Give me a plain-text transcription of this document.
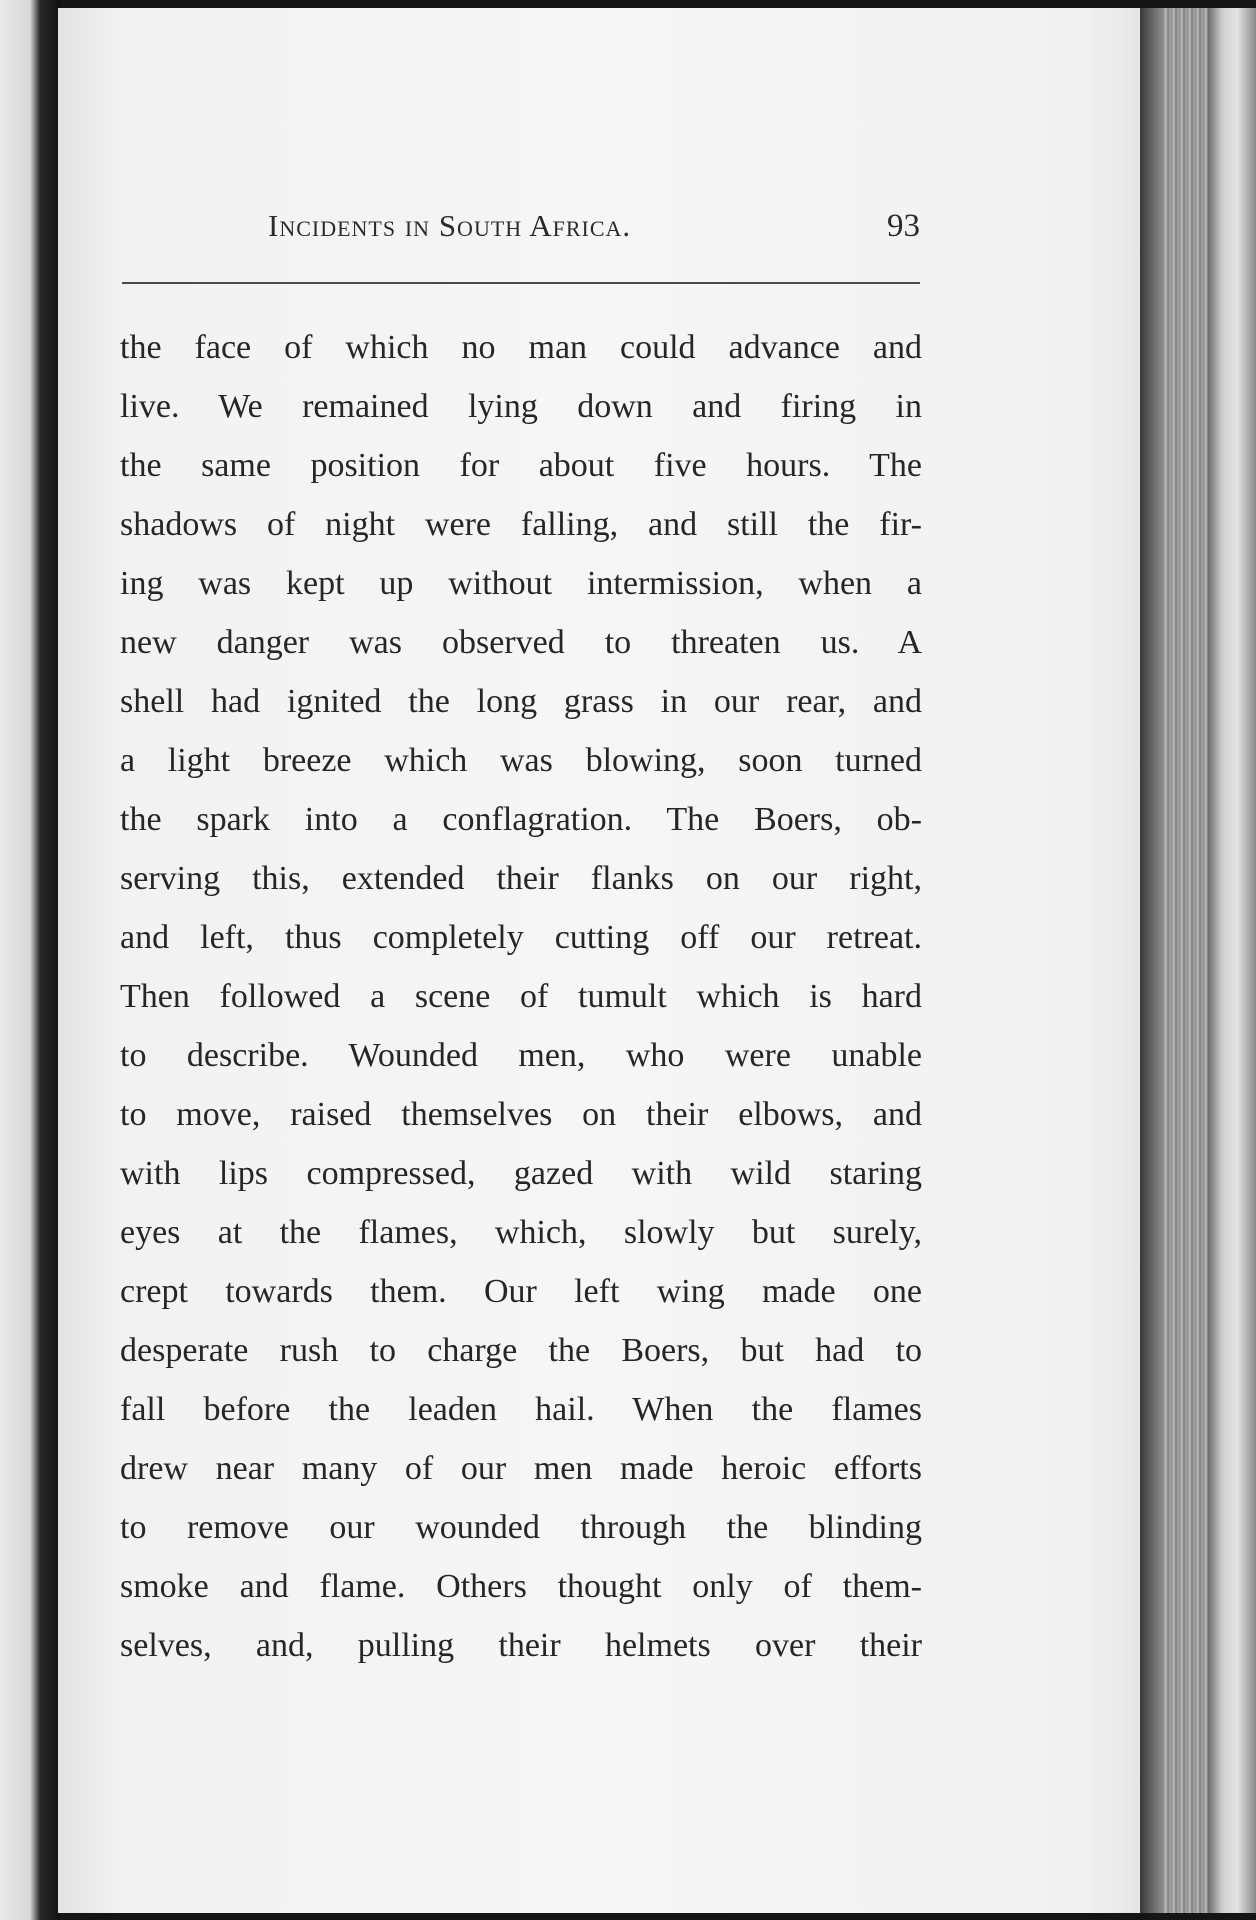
Incidents in South Africa.	93
the face of which no man could advance and
live. We remained lying down and firing in
the same position for about five hours. The
shadows of night were falling, and still the fir-
ing was kept up without intermission, when a
new danger was observed to threaten us. A
shell had ignited the long grass in our rear, and
a light breeze which was blowing, soon turned
the spark into a conflagration. The Boers, ob-
serving this, extended their flanks on our right,
and left, thus completely cutting off our retreat.
Then followed a scene of tumult which is hard
to describe. Wounded men, who were unable
to move, raised themselves on their elbows, and
with lips compressed, gazed with wild staring
eyes at the flames, which, slowly but surely,
crept towards them. Our left wing made one
desperate rush to charge the Boers, but had to
fall before the leaden hail. When the flames
drew near many of our men made heroic efforts
to remove our wounded through the blinding
smoke and flame. Others thought only of them-
selves, and, pulling their helmets over their
